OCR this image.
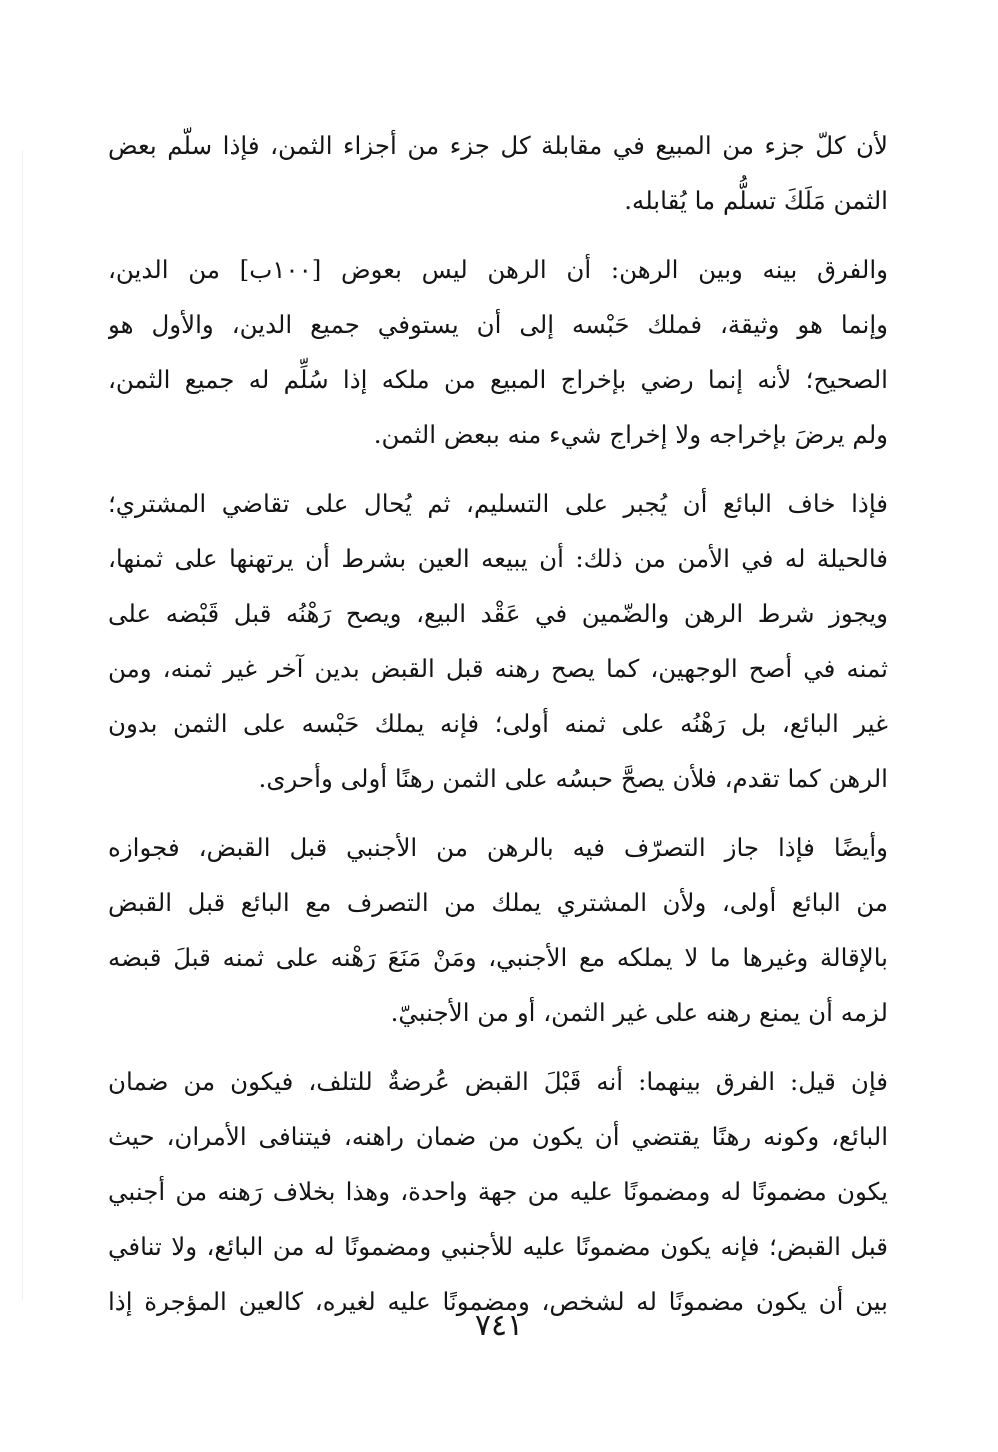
لأن كلّ جزء من المبيع في مقابلة كل جزء من أجزاء الثمن، فإذا سلّم بعض
الثمن مَلَكَ تسلُّم ما يُقابله.
والفرق بينه وبين الرهن: أن الرهن ليس بعوض [١٠٠ب] من الدين،
وإنما هو وثيقة، فملك حَبْسه إلى أن يستوفي جميع الدين، والأول هو
الصحيح؛ لأنه إنما رضي بإخراج المبيع من ملكه إذا سُلِّم له جميع الثمن،
ولم يرضَ بإخراجه ولا إخراج شيء منه ببعض الثمن.
فإذا خاف البائع أن يُجبر على التسليم، ثم يُحال على تقاضي المشتري؛
فالحيلة له في الأمن من ذلك: أن يبيعه العين بشرط أن يرتهنها على ثمنها،
ويجوز شرط الرهن والضّمين في عَقْد البيع، ويصح رَهْنُه قبل قَبْضه على
ثمنه في أصح الوجهين، كما يصح رهنه قبل القبض بدين آخر غير ثمنه، ومن
غير البائع، بل رَهْنُه على ثمنه أولى؛ فإنه يملك حَبْسه على الثمن بدون
الرهن كما تقدم، فلأن يصحَّ حبسُه على الثمن رهنًا أولى وأحرى.
وأيضًا فإذا جاز التصرّف فيه بالرهن من الأجنبي قبل القبض، فجوازه
من البائع أولى، ولأن المشتري يملك من التصرف مع البائع قبل القبض
بالإقالة وغيرها ما لا يملكه مع الأجنبي، ومَنْ مَنَعَ رَهْنه على ثمنه قبلَ قبضه
لزمه أن يمنع رهنه على غير الثمن، أو من الأجنبيّ.
فإن قيل: الفرق بينهما: أنه قَبْلَ القبض عُرضةٌ للتلف، فيكون من ضمان
البائع، وكونه رهنًا يقتضي أن يكون من ضمان راهنه، فيتنافى الأمران، حيث
يكون مضمونًا له ومضمونًا عليه من جهة واحدة، وهذا بخلاف رَهنه من أجنبي
قبل القبض؛ فإنه يكون مضمونًا عليه للأجنبي ومضمونًا له من البائع، ولا تنافي
بين أن يكون مضمونًا له لشخص، ومضمونًا عليه لغيره، كالعين المؤجرة إذا
٧٤١
